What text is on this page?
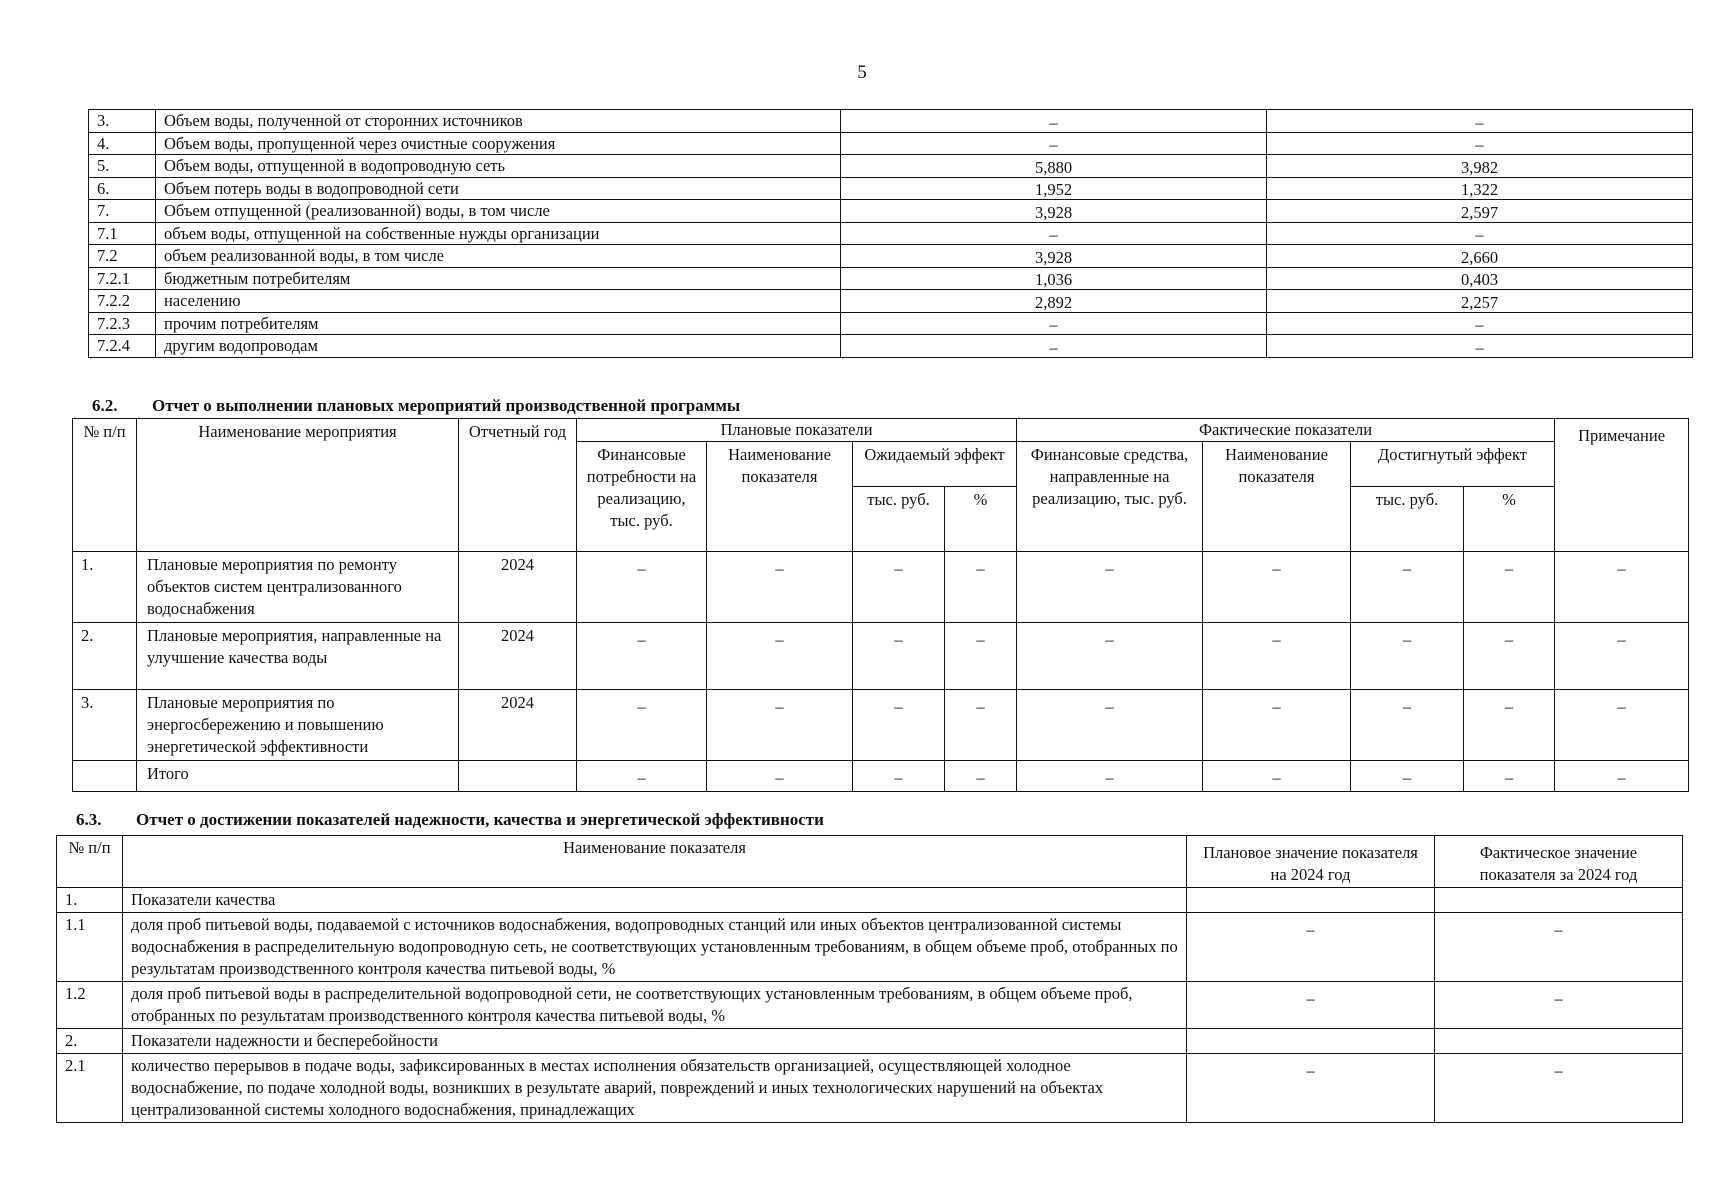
5
3.	Объем воды, полученной от сторонних источников	–	–
4.	Объем воды, пропущенной через очистные сооружения	–	–
5.	Объем воды, отпущенной в водопроводную сеть	5,880	3,982
6.	Объем потерь воды в водопроводной сети	1,952	1,322
7.	Объем отпущенной (реализованной) воды, в том числе	3,928	2,597
7.1	объем воды, отпущенной на собственные нужды организации	–	–
7.2	объем реализованной воды, в том числе	3,928	2,660
7.2.1	бюджетным потребителям	1,036	0,403
7.2.2	населению	2,892	2,257
7.2.3	прочим потребителям	–	–
7.2.4	другим водопроводам	–	–
6.2. Отчет о выполнении плановых мероприятий производственной программы
№ п/п	Наименование мероприятия	Отчетный год	Плановые показатели				Фактические показатели				Примечание
			Финансовые потребности на реализацию, тыс. руб.	Наименование показателя	Ожидаемый эффект		Финансовые средства, направленные на реализацию, тыс. руб.	Наименование показателя	Достигнутый эффект		
					тыс. руб.	%			тыс. руб.	%	
1.	Плановые мероприятия по ремонту объектов систем централизованного водоснабжения	2024	–	–	–	–	–	–	–	–	–
2.	Плановые мероприятия, направленные на улучшение качества воды	2024	–	–	–	–	–	–	–	–	–
3.	Плановые мероприятия по энергосбережению и повышению энергетической эффективности	2024	–	–	–	–	–	–	–	–	–
	Итого		–	–	–	–	–	–	–	–	–
6.3. Отчет о достижении показателей надежности, качества и энергетической эффективности
№ п/п	Наименование показателя	Плановое значение показателя на 2024 год	Фактическое значение показателя за 2024 год
1.	Показатели качества		
1.1	доля проб питьевой воды, подаваемой с источников водоснабжения, водопроводных станций или иных объектов централизованной системы водоснабжения в распределительную водопроводную сеть, не соответствующих установленным требованиям, в общем объеме проб, отобранных по результатам производственного контроля качества питьевой воды, %	–	–
1.2	доля проб питьевой воды в распределительной водопроводной сети, не соответствующих установленным требованиям, в общем объеме проб, отобранных по результатам производственного контроля качества питьевой воды, %	–	–
2.	Показатели надежности и бесперебойности		
2.1	количество перерывов в подаче воды, зафиксированных в местах исполнения обязательств организацией, осуществляющей холодное водоснабжение, по подаче холодной воды, возникших в результате аварий, повреждений и иных технологических нарушений на объектах централизованной системы холодного водоснабжения, принадлежащих	–	–
